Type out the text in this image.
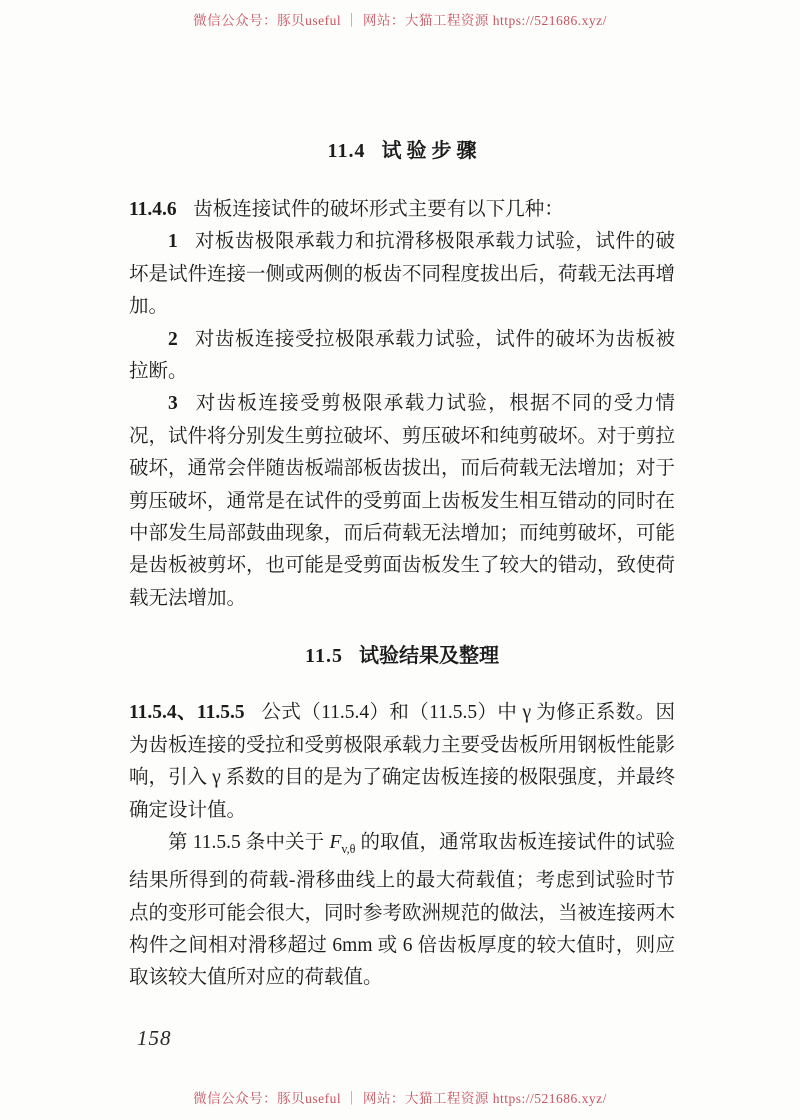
微信公众号：豚贝useful ｜ 网站：大猫工程资源 https://521686.xyz/
11.4 试 验 步 骤

11.4.6 齿板连接试件的破坏形式主要有以下几种：

1 对板齿极限承载力和抗滑移极限承载力试验，试件的破坏是试件连接一侧或两侧的板齿不同程度拔出后，荷载无法再增加。

2 对齿板连接受拉极限承载力试验，试件的破坏为齿板被拉断。

3 对齿板连接受剪极限承载力试验，根据不同的受力情况，试件将分别发生剪拉破坏、剪压破坏和纯剪破坏。对于剪拉破坏，通常会伴随齿板端部板齿拔出，而后荷载无法增加；对于剪压破坏，通常是在试件的受剪面上齿板发生相互错动的同时在中部发生局部鼓曲现象，而后荷载无法增加；而纯剪破坏，可能是齿板被剪坏，也可能是受剪面齿板发生了较大的错动，致使荷载无法增加。

11.5 试验结果及整理

11.5.4、11.5.5 公式（11.5.4）和（11.5.5）中 γ 为修正系数。因为齿板连接的受拉和受剪极限承载力主要受齿板所用钢板性能影响，引入 γ 系数的目的是为了确定齿板连接的极限强度，并最终确定设计值。

第 11.5.5 条中关于 $F_{v,\theta}$ 的取值，通常取齿板连接试件的试验结果所得到的荷载-滑移曲线上的最大荷载值；考虑到试验时节点的变形可能会很大，同时参考欧洲规范的做法，当被连接两木构件之间相对滑移超过 6mm 或 6 倍齿板厚度的较大值时，则应取该较大值所对应的荷载值。

158
微信公众号：豚贝useful ｜ 网站：大猫工程资源 https://521686.xyz/
